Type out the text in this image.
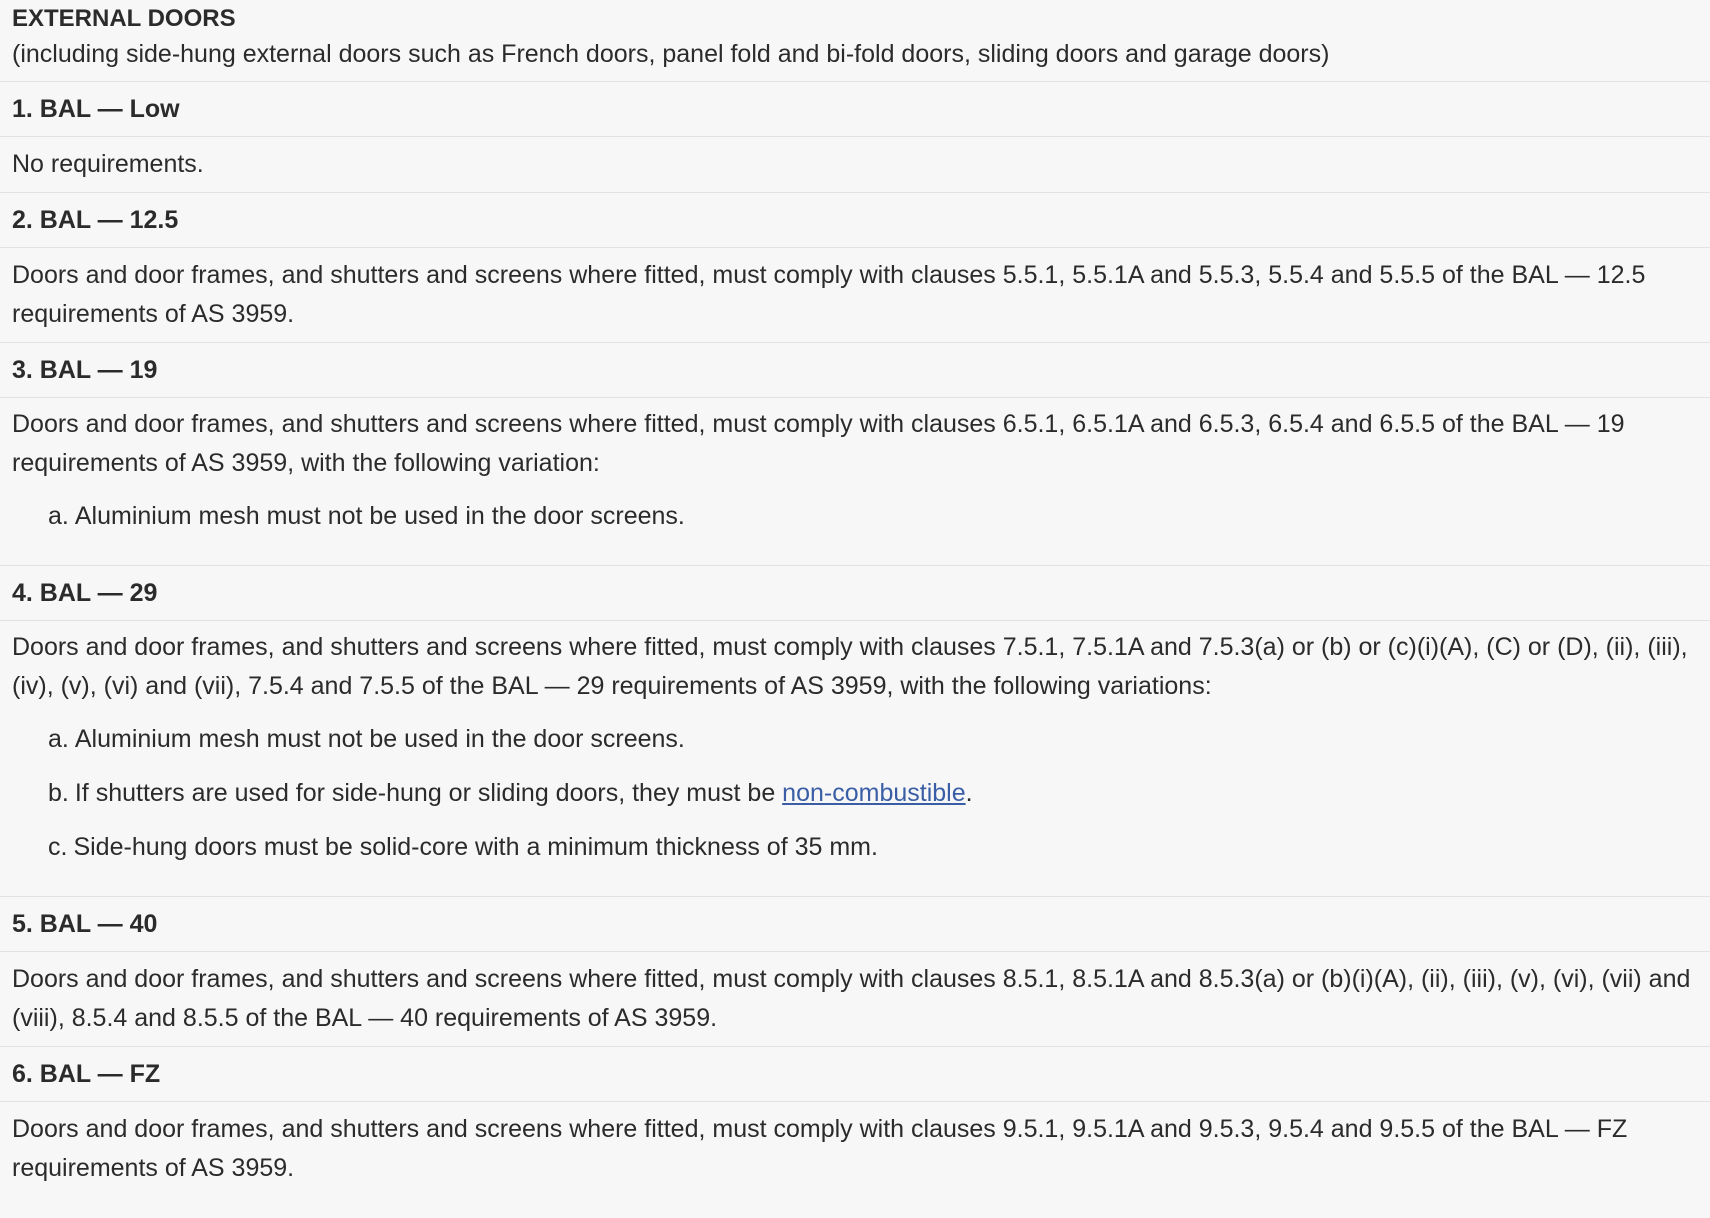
EXTERNAL DOORS
(including side-hung external doors such as French doors, panel fold and bi-fold doors, sliding doors and garage doors)
1. BAL — Low

No requirements.

2. BAL — 12.5

Doors and door frames, and shutters and screens where fitted, must comply with clauses 5.5.1, 5.5.1A and 5.5.3, 5.5.4 and 5.5.5 of the BAL — 12.5 requirements of AS 3959.

3. BAL — 19

Doors and door frames, and shutters and screens where fitted, must comply with clauses 6.5.1, 6.5.1A and 6.5.3, 6.5.4 and 6.5.5 of the BAL — 19 requirements of AS 3959, with the following variation:

a. Aluminium mesh must not be used in the door screens.
4. BAL — 29

Doors and door frames, and shutters and screens where fitted, must comply with clauses 7.5.1, 7.5.1A and 7.5.3(a) or (b) or (c)(i)(A), (C) or (D), (ii), (iii), (iv), (v), (vi) and (vii), 7.5.4 and 7.5.5 of the BAL — 29 requirements of AS 3959, with the following variations:

a. Aluminium mesh must not be used in the door screens.
b. If shutters are used for side-hung or sliding doors, they must be non-combustible.
c. Side-hung doors must be solid-core with a minimum thickness of 35 mm.
5. BAL — 40

Doors and door frames, and shutters and screens where fitted, must comply with clauses 8.5.1, 8.5.1A and 8.5.3(a) or (b)(i)(A), (ii), (iii), (v), (vi), (vii) and (viii), 8.5.4 and 8.5.5 of the BAL — 40 requirements of AS 3959.

6. BAL — FZ

Doors and door frames, and shutters and screens where fitted, must comply with clauses 9.5.1, 9.5.1A and 9.5.3, 9.5.4 and 9.5.5 of the BAL — FZ requirements of AS 3959.
